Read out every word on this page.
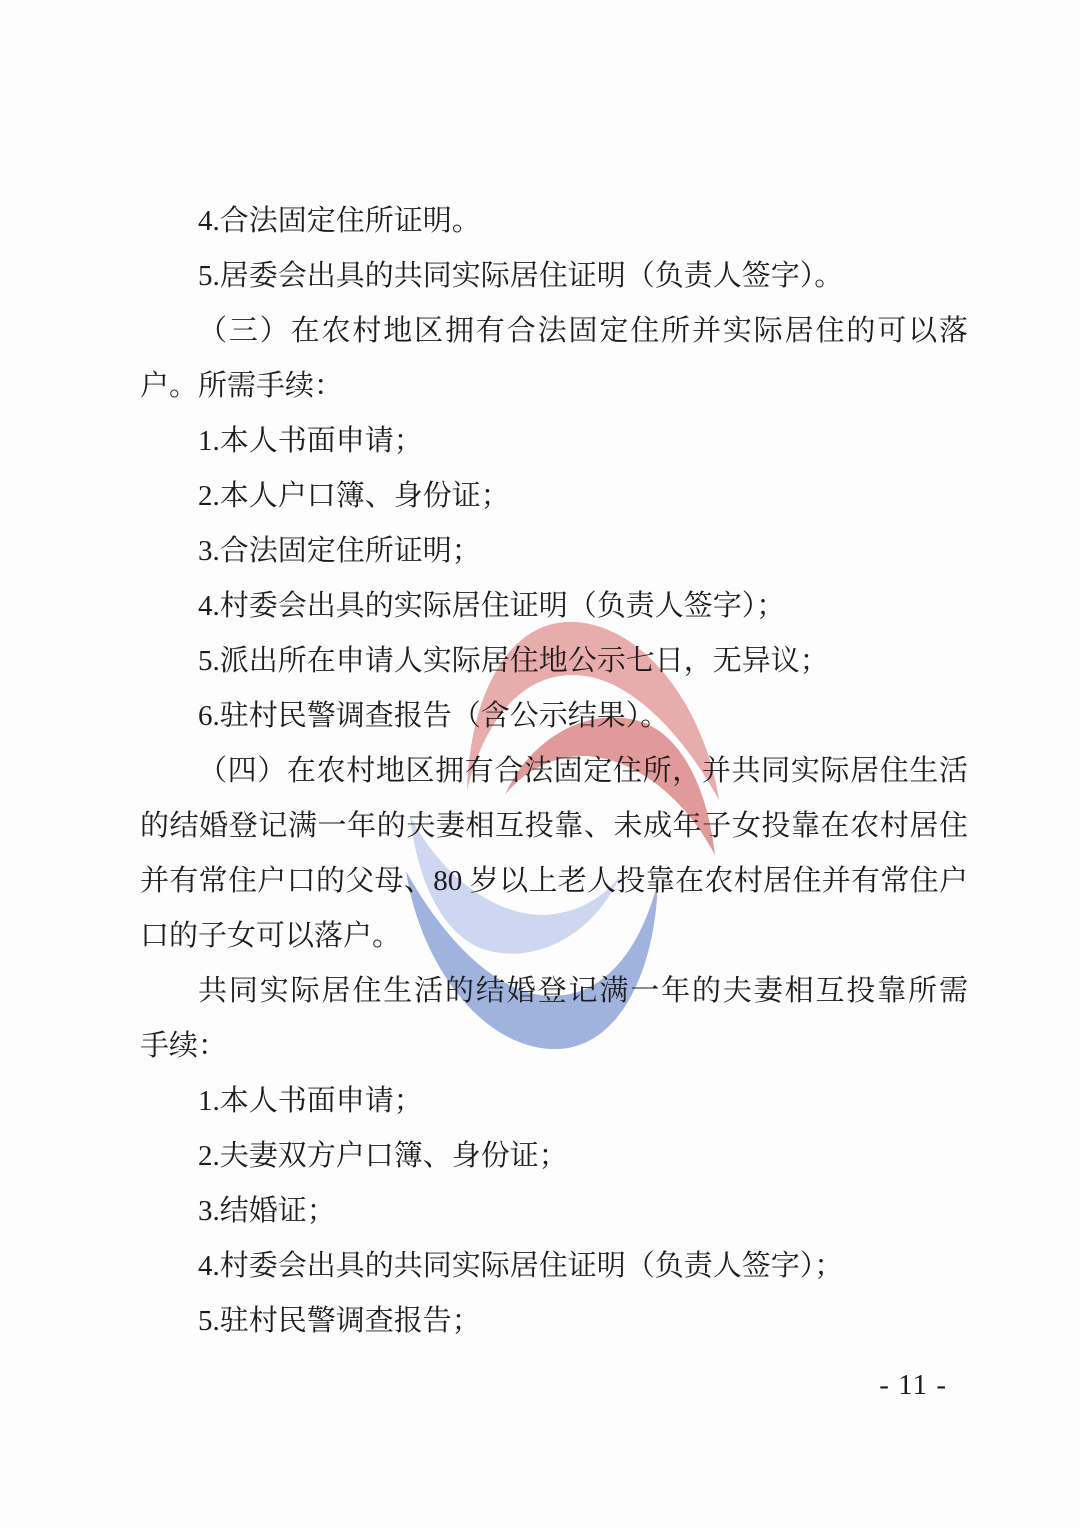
4.合法固定住所证明。
5.居委会出具的共同实际居住证明（负责人签字）。
（三）在农村地区拥有合法固定住所并实际居住的可以落
户。所需手续：
1.本人书面申请；
2.本人户口簿、身份证；
3.合法固定住所证明；
4.村委会出具的实际居住证明（负责人签字）；
5.派出所在申请人实际居住地公示七日，无异议；
6.驻村民警调查报告（含公示结果）。
（四）在农村地区拥有合法固定住所，并共同实际居住生活
的结婚登记满一年的夫妻相互投靠、未成年子女投靠在农村居住
并有常住户口的父母、80 岁以上老人投靠在农村居住并有常住户
口的子女可以落户。
共同实际居住生活的结婚登记满一年的夫妻相互投靠所需
手续：
1.本人书面申请；
2.夫妻双方户口簿、身份证；
3.结婚证；
4.村委会出具的共同实际居住证明（负责人签字）；
5.驻村民警调查报告；
- 11 -
